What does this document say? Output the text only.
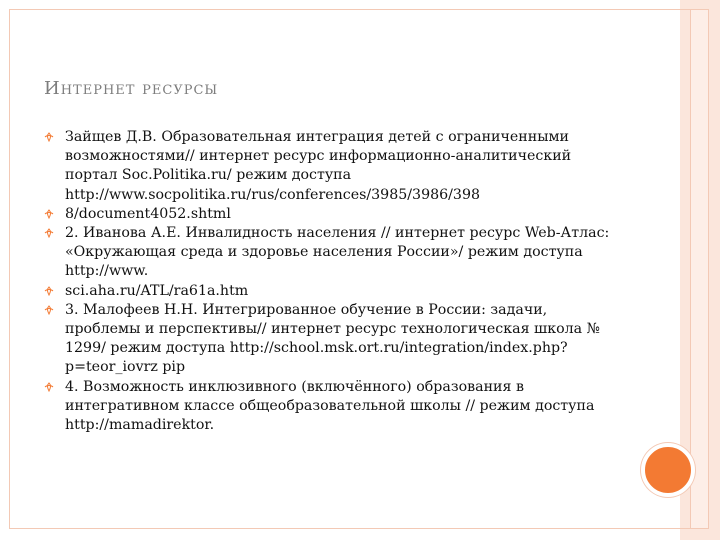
Интернет ресурсы
Зайщев Д.В. Образовательная интеграция детей с ограниченными возможностями// интернет ресурс информационно-аналитический портал Soc.Politika.ru/ режим доступа http://www.socpolitika.ru/rus/conferences/3985/3986/398
8/document4052.shtml
2. Иванова А.Е. Инвалидность населения // интернет ресурс Web-Атлас: «Окружающая среда и здоровье населения России»/ режим доступа http://www.
sci.aha.ru/ATL/ra61a.htm
3. Малофеев Н.Н. Интегрированное обучение в России: задачи, проблемы и перспективы// интернет ресурс технологическая школа № 1299/ режим доступа http://school.msk.ort.ru/integration/index.php?p=teor_iovrz pip
4. Возможность инклюзивного (включённого) образования в интегративном классе общеобразовательной школы // режим доступа http://mamadirektor.
